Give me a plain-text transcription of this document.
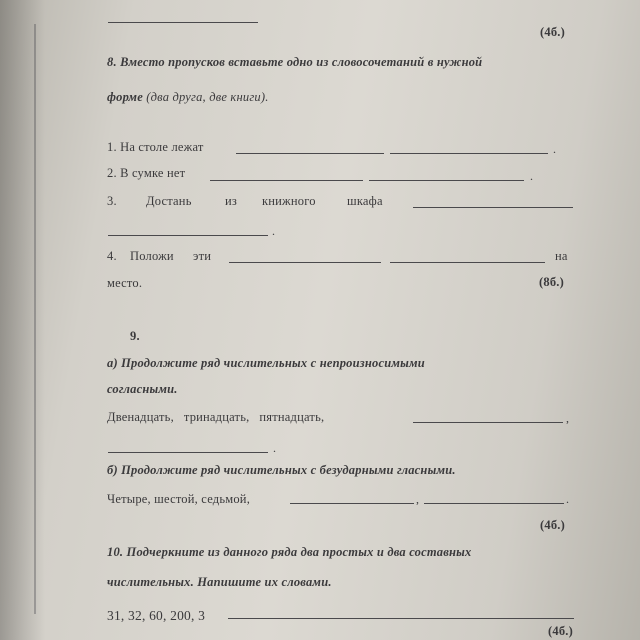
(4б.)
8. Вместо пропусков вставьте одно из словосочетаний в нужной
форме (два друга, две книги).
1. На столе лежат	.
2. В сумке нет	.
3. Достань	из книжного	шкафа
.
4. Положи эти	на
место.	(8б.)
9.
а) Продолжите ряд числительных с непроизносимыми
согласными.
Двенадцать,   тринадцать,   пятнадцать,	,
.
б) Продолжите ряд числительных с безударными гласными.
Четыре, шестой, седьмой,	,	.
(4б.)
10. Подчеркните из данного ряда два простых и два составных
числительных. Напишите их словами.
31, 32, 60, 200, 3
(4б.)
